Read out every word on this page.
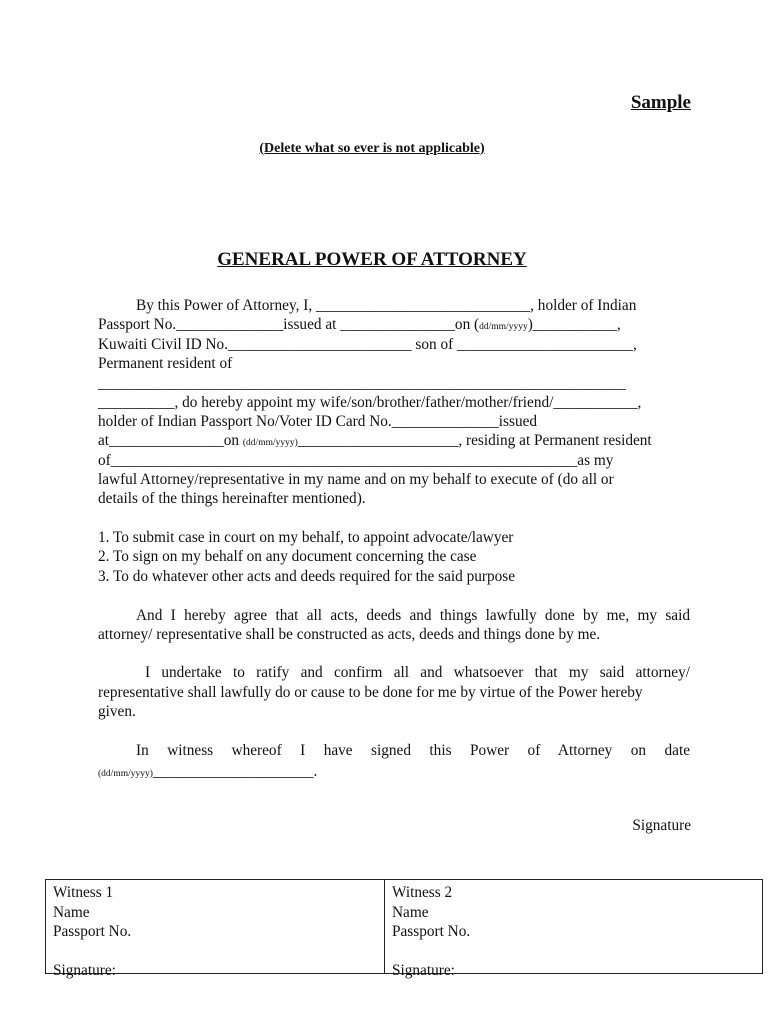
Sample
(Delete what so ever is not applicable)
GENERAL POWER OF ATTORNEY
By this Power of Attorney, I, ____________________________, holder of Indian
Passport No.______________issued at _______________on (dd/mm/yyyy)___________,
Kuwaiti Civil ID No.________________________ son of _______________________,
Permanent resident of
_____________________________________________________________________
__________, do hereby appoint my wife/son/brother/father/mother/friend/___________,
holder of Indian Passport No/Voter ID Card No.______________issued
at_______________on (dd/mm/yyyy)_____________________, residing at Permanent resident
of_____________________________________________________________as my
lawful Attorney/representative in my name and on my behalf to execute of (do all or
details of the things hereinafter mentioned).
1. To submit case in court on my behalf, to appoint advocate/lawyer
2. To sign on my behalf on any document concerning the case
3. To do whatever other acts and deeds required for the said purpose
And I hereby agree that all acts, deeds and things lawfully done by me, my said
attorney/ representative shall be constructed as acts, deeds and things done by me.
I undertake to ratify and confirm all and whatsoever that my said attorney/
representative shall lawfully do or cause to be done for me by virtue of the Power hereby
given.
In witness whereof I have signed this Power of Attorney on date
(dd/mm/yyyy)_____________________.
Signature
Witness 1
Name
Passport No.
Signature:
Witness 2
Name
Passport No.
Signature:
